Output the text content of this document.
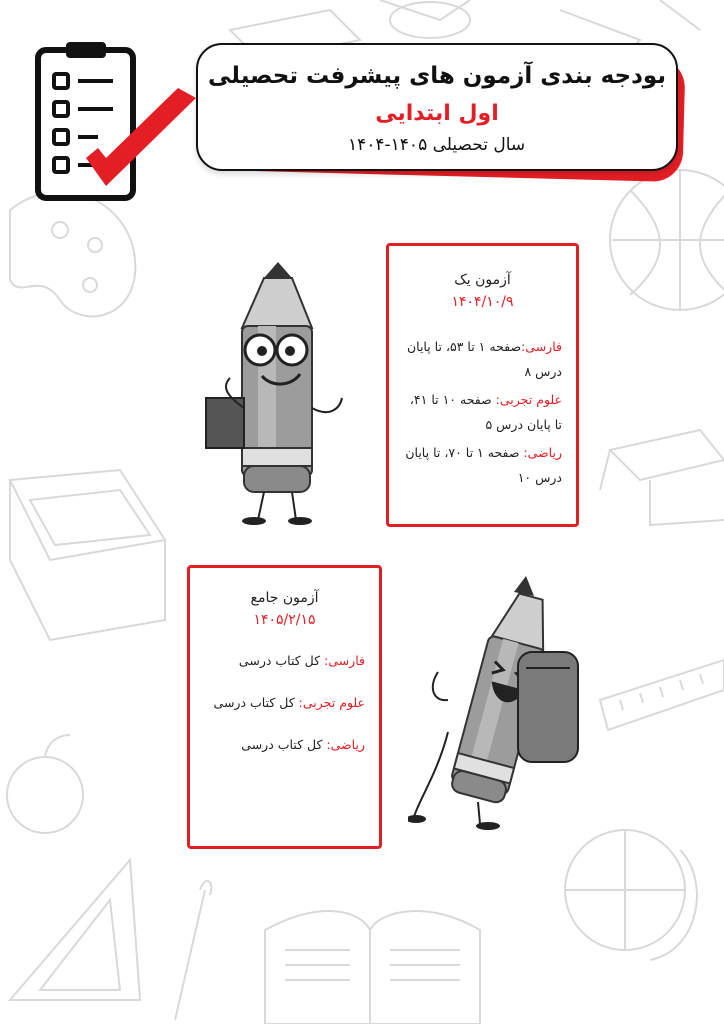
بودجه بندی آزمون های پیشرفت تحصیلی
اول ابتدایی
سال تحصیلی ۱۴۰۵-۱۴۰۴
آزمون یک
۱۴۰۴/۱۰/۹
فارسی:صفحه ۱ تا ۵۳، تا پایان درس ۸
علوم تجربی: صفحه ۱۰ تا ۴۱، تا پایان درس ۵
ریاضی: صفحه ۱ تا ۷۰، تا پایان درس ۱۰
آزمون جامع
۱۴۰۵/۲/۱۵
فارسی: کل کتاب درسی
علوم تجربی: کل کتاب درسی
ریاضی: کل کتاب درسی
